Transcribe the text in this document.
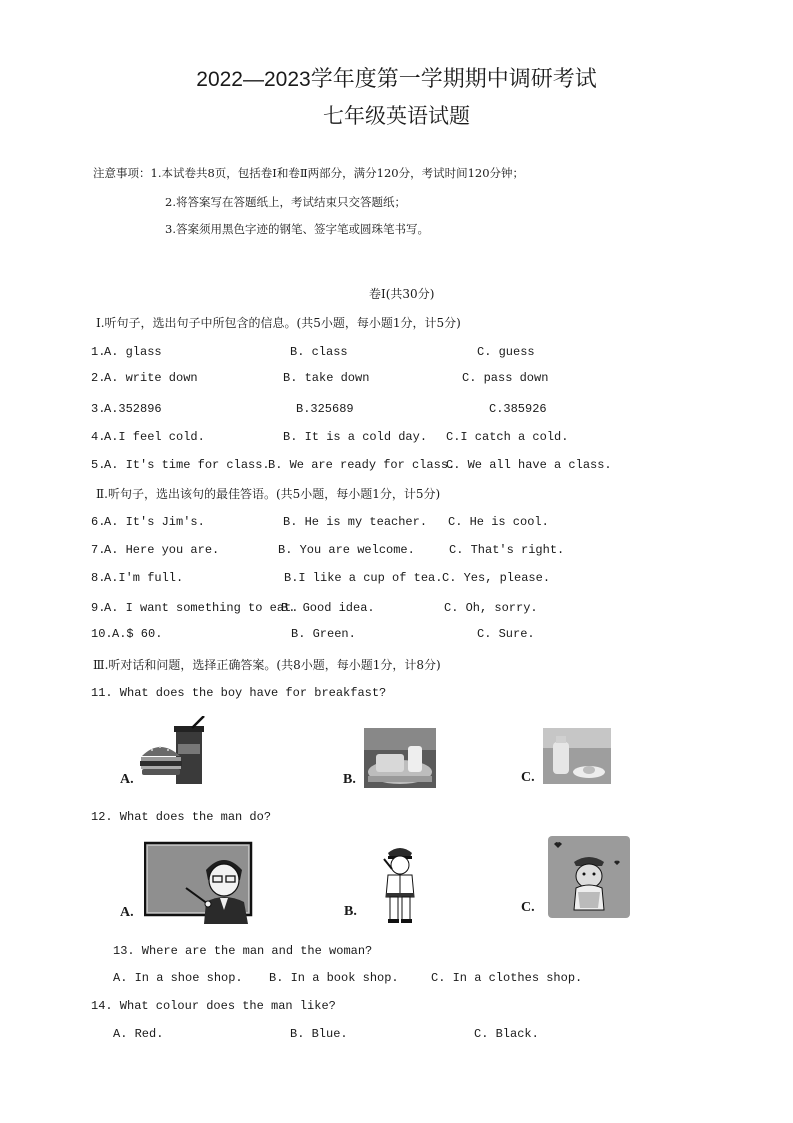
2022—2023学年度第一学期期中调研考试
七年级英语试题
注意事项：1.本试卷共8页，包括卷Ⅰ和卷Ⅱ两部分，满分120分，考试时间120分钟；
2.将答案写在答题纸上，考试结束只交答题纸；
3.答案须用黑色字迹的钢笔、签字笔或圆珠笔书写。
卷Ⅰ(共30分)
Ⅰ.听句子，选出句子中所包含的信息。(共5小题，每小题1分，计5分)
1.
A. glass	B. class	C. guess
2.
A. write down	B. take down	C. pass down
3.
A.352896	B.325689	C.385926
4.
A.I feel cold.	B. It is a cold day. C.I catch a cold.
5.
A. It's time for class.
B. We are ready for class.
C. We all have a class.
Ⅱ.听句子，选出该句的最佳答语。(共5小题，每小题1分，计5分)
6.
A. It's Jim's.	B. He is my teacher. C. He is cool.
7.
A. Here you are.	B. You are welcome.	C. That's right.
8.
A.I'm full.	B.I like a cup of tea. C. Yes, please.
9.
A. I want something to eat.
B. Good idea.	C. Oh, sorry.
10. A.$ 60.	B. Green.	C. Sure.
Ⅲ.听对话和问题，选择正确答案。(共8小题，每小题1分，计8分)
11. What does the boy have for breakfast?
A.	B.	C.
12. What does the man do?
A.	B.	C.
13. Where are the man and the woman?
A. In a shoe shop. B. In a book shop.	C. In a clothes shop.
14. What colour does the man like?
A. Red.	B. Blue.	C. Black.
